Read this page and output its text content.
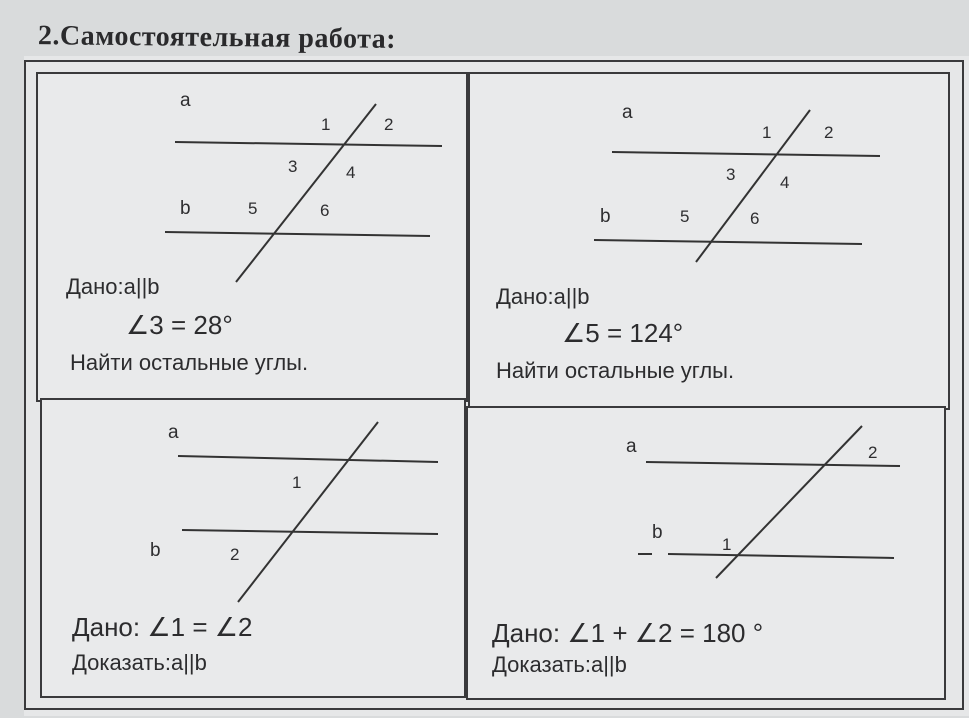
2.Самостоятельная работа:
a
b
1	2
3	4
5	6
Дано:a||b
∠3 = 28°
Найти остальные углы.
a
b
1	2
3	4
5	6
Дано:a||b
∠5 = 124°
Найти остальные углы.
a
b
1
2
Дано: ∠1 = ∠2
Доказать:a||b
a
b
2
1
Дано: ∠1 + ∠2 = 180 °
Доказать:a||b
